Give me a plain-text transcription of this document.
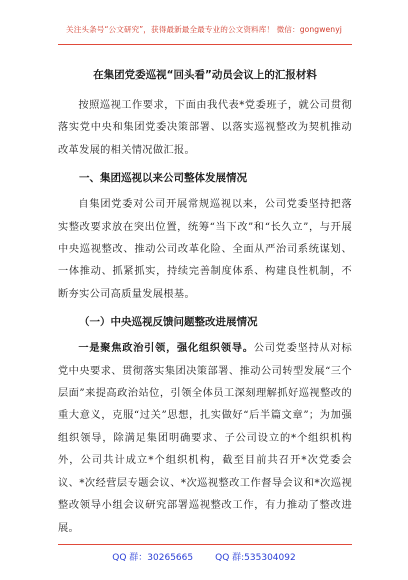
关注头条号“公文研究”，获得最新最全最专业的公文资料库！ 微信：gongwenyj
在集团党委巡视“回头看”动员会议上的汇报材料

按照巡视工作要求，下面由我代表*党委班子，就公司贯彻落实党中央和集团党委决策部署、以落实巡视整改为契机推动改革发展的相关情况做汇报。

一、集团巡视以来公司整体发展情况

自集团党委对公司开展常规巡视以来，公司党委坚持把落实整改要求放在突出位置，统筹“当下改”和“长久立”，与开展中央巡视整改、推动公司改革化险、全面从严治司系统谋划、一体推动、抓紧抓实，持续完善制度体系、构建良性机制，不断夯实公司高质量发展根基。

（一）中央巡视反馈问题整改进展情况

一是聚焦政治引领，强化组织领导。公司党委坚持从对标党中央要求、贯彻落实集团决策部署、推动公司转型发展“三个层面”来提高政治站位，引领全体员工深刻理解抓好巡视整改的重大意义，克服“过关”思想，扎实做好“后半篇文章”；为加强组织领导，除满足集团明确要求、子公司设立的*个组织机构外，公司共计成立*个组织机构，截至目前共召开*次党委会议、*次经营层专题会议、*次巡视整改工作督导会议和*次巡视整改领导小组会议研究部署巡视整改工作，有力推动了整改进展。

QQ 群：30265665 QQ 群:535304092
